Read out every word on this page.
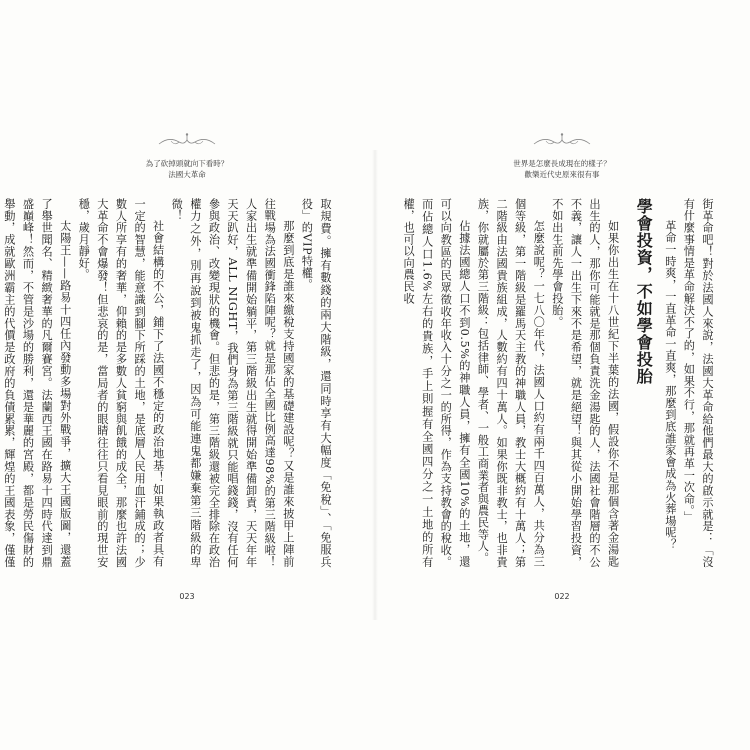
為了砍掉頭就向下看時？
法國大革命

取規費。擁有數錢的兩大階級，還同時享有大幅度「免稅」、「免服兵役」的VIP特權。

那麼到底是誰來繳稅支持國家的基礎建設呢？又是誰來披甲上陣前往戰場為法國衝鋒陷陣呢？就是那佔全國比例高達98%的第三階級啦！人家出生就準備開始躺平，第三階級出生就得開始準備卸責，天天年年天天趴好，ALL NIGHT，我們身為第三階級就只能唱錢錢，沒有任何參與政治、改變現狀的機會。但悲的是，第三階級還被完全排除在政治權力之外，別再說到被鬼抓走了，因為可能連鬼都嫌棄第三階級的卑微！

社會結構的不公，鋪下了法國不穩定的政治地基！如果執政者具有一定的智慧，能意識到腳下所踩的土地，是底層人民用血汗鋪成的；少數人所享有的奢華，仰賴的是多數人貧窮與飢餓的成全，那麼也許法國大革命不會爆發！但悲哀的是，當局者的眼睛往往只看見眼前的現世安穩，歲月靜好。

太陽王——路易十四任內發動多場對外戰爭，擴大王國版圖，還蓋了舉世聞名、精緻奢華的凡爾賽宮。法蘭西王國在路易十四時代達到鼎盛巔峰！然而，不管是沙場的勝利，還是華麗的宮殿，都是勞民傷財的舉動，成就歐洲霸主的代價是政府的負債累累，輝煌的王國表象，僅僅

023
世界是怎麼長成現在的樣子？
歡樂近代史原來很有事
022

街革命吧！對於法國人來說，法國大革命給他們最大的啟示就是：「沒有什麼事情是革命解決不了的，如果不行，那就再革一次命。」

革命一時爽，一直革命一直爽，那麼到底誰家會成為火葬場呢？

學會投資，不如學會投胎

如果你出生在十八世紀下半葉的法國，假設你不是那個含著金湯匙出生的人，那你可能就是那個負責洗金湯匙的人，法國社會階層的不公不義，讓人一出生下來不是希望，就是絕望！與其從小開始學習投資，不如出生前先學會投胎。

怎麼說呢？一七八〇年代，法國人口約有兩千四百萬人，共分為三個等級，第一階級是羅馬天主教的神職人員，教士大概約有十萬人；第二階級由法國貴族組成，人數約有四十萬人。如果你既非教士，也非貴族，你就屬於第三階級：包括律師、學者、一般工商業者與農民等人。

佔據法國總人口不到0.5%的神職人員，擁有全國10%的土地，還可以向教區的民眾徵收年收入十分之一的所得，作為支持教會的稅收。而佔總人口1.6%左右的貴族，手上則握有全國四分之一土地的所有權，也可以向農民收
